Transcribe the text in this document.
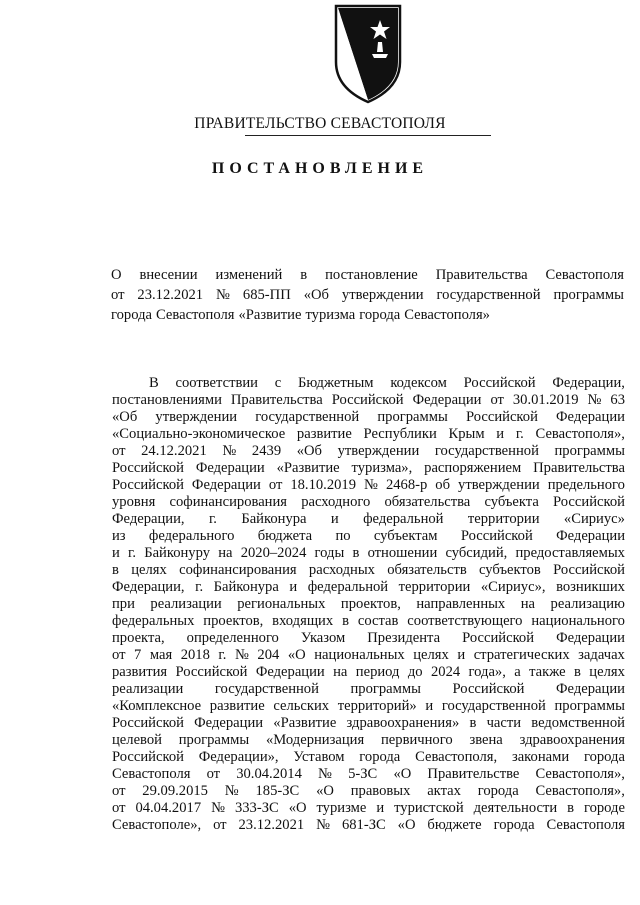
ПРАВИТЕЛЬСТВО СЕВАСТОПОЛЯ
ПОСТАНОВЛЕНИЕ
О внесении изменений в постановление Правительства Севастополя
от 23.12.2021 № 685-ПП «Об утверждении государственной программы
города Севастополя «Развитие туризма города Севастополя»
В соответствии с Бюджетным кодексом Российской Федерации,
постановлениями Правительства Российской Федерации от 30.01.2019 № 63
«Об утверждении государственной программы Российской Федерации
«Социально-экономическое развитие Республики Крым и г. Севастополя»,
от 24.12.2021 № 2439 «Об утверждении государственной программы
Российской Федерации «Развитие туризма», распоряжением Правительства
Российской Федерации от 18.10.2019 № 2468-р об утверждении предельного
уровня софинансирования расходного обязательства субъекта Российской
Федерации, г. Байконура и федеральной территории «Сириус»
из федерального бюджета по субъектам Российской Федерации
и г. Байконуру на 2020–2024 годы в отношении субсидий, предоставляемых
в целях софинансирования расходных обязательств субъектов Российской
Федерации, г. Байконура и федеральной территории «Сириус», возникших
при реализации региональных проектов, направленных на реализацию
федеральных проектов, входящих в состав соответствующего национального
проекта, определенного Указом Президента Российской Федерации
от 7 мая 2018 г. № 204 «О национальных целях и стратегических задачах
развития Российской Федерации на период до 2024 года», а также в целях
реализации государственной программы Российской Федерации
«Комплексное развитие сельских территорий» и государственной программы
Российской Федерации «Развитие здравоохранения» в части ведомственной
целевой программы «Модернизация первичного звена здравоохранения
Российской Федерации», Уставом города Севастополя, законами города
Севастополя от 30.04.2014 № 5-ЗС «О Правительстве Севастополя»,
от 29.09.2015 № 185-ЗС «О правовых актах города Севастополя»,
от 04.04.2017 № 333-ЗС «О туризме и туристской деятельности в городе
Севастополе», от 23.12.2021 № 681-ЗС «О бюджете города Севастополя
